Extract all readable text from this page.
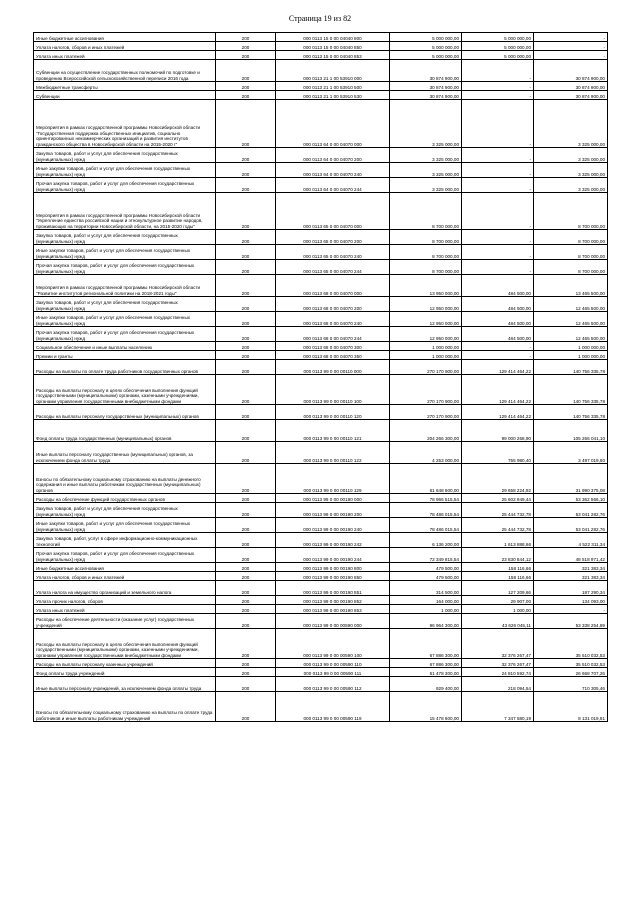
Страница 19 из 82
Иные бюджетные ассигнования	200	000 0113 15 0 00 04040 800	5 000 000,00	5 000 000,00	-
Уплата налогов, сборов и иных платежей	200	000 0113 15 0 00 04040 850	5 000 000,00	5 000 000,00	-
Уплата иных платежей	200	000 0113 15 0 00 04040 853	5 000 000,00	5 000 000,00	-
Субвенции на осуществление государственных полномочий по подготовке и проведению Всероссийской сельскохозяйственной переписи 2016 года	200	000 0113 21 1 00 53910 000	30 874 900,00	-	30 874 900,00
Межбюджетные трансферты	200	000 0113 21 1 00 53910 500	30 874 900,00	-	30 874 900,00
Субвенции	200	000 0113 21 1 00 53910 530	30 874 900,00	-	30 874 900,00
Мероприятия в рамках государственной программы Новосибирской области "Государственная поддержка общественных инициатив, социально ориентированных некоммерческих организаций и развития институтов гражданского общества в Новосибирской области на 2015-2020 г"	200	000 0113 64 0 00 04070 000	3 325 000,00	-	3 325 000,00
Закупка товаров, работ и услуг для обеспечения государственных (муниципальных) нужд	200	000 0113 64 0 00 04070 200	3 325 000,00	-	3 325 000,00
Иные закупки товаров, работ и услуг для обеспечения государственных (муниципальных) нужд	200	000 0113 64 0 00 04070 240	3 325 000,00	-	3 325 000,00
Прочая закупка товаров, работ и услуг для обеспечения государственных (муниципальных) нужд	200	000 0113 64 0 00 04070 244	3 325 000,00	-	3 325 000,00
Мероприятия в рамках государственной программы Новосибирской области "Укрепление единства российской нации и этнокультурное развитие народов, проживающих на территории Новосибирской области, на 2015-2020 годы"	200	000 0113 65 0 00 04070 000	8 700 000,00	-	8 700 000,00
Закупка товаров, работ и услуг для обеспечения государственных (муниципальных) нужд	200	000 0113 65 0 00 04070 200	8 700 000,00	-	8 700 000,00
Иные закупки товаров, работ и услуг для обеспечения государственных (муниципальных) нужд	200	000 0113 65 0 00 04070 240	8 700 000,00	-	8 700 000,00
Прочая закупка товаров, работ и услуг для обеспечения государственных (муниципальных) нужд	200	000 0113 65 0 00 04070 244	8 700 000,00	-	8 700 000,00
Мероприятия в рамках государственной программы Новосибирской области "Развитие институтов региональной политики на 2018-2021 годы"	200	000 0113 68 0 00 04070 000	13 950 000,00	484 500,00	13 465 500,00
Закупка товаров, работ и услуг для обеспечения государственных (муниципальных) нужд	200	000 0113 68 0 00 04070 200	12 950 000,00	484 500,00	12 465 500,00
Иные закупки товаров, работ и услуг для обеспечения государственных (муниципальных) нужд	200	000 0113 68 0 00 04070 240	12 950 000,00	484 500,00	12 465 500,00
Прочая закупка товаров, работ и услуг для обеспечения государственных (муниципальных) нужд	200	000 0113 68 0 00 04070 244	12 950 000,00	484 500,00	12 465 500,00
Социальное обеспечение и иные выплаты населению	200	000 0113 68 0 00 04070 300	1 000 000,00	-	1 000 000,00
Премии и гранты	200	000 0113 68 0 00 04070 350	1 000 000,00	-	1 000 000,00
Расходы на выплаты по оплате труда работников государственных органов	200	000 0113 99 0 00 00110 000	270 170 900,00	129 414 464,22	140 756 335,78
Расходы на выплаты персоналу в целях обеспечения выполнения функций государственными (муниципальными) органами, казенными учреждениями, органами управления государственными внебюджетными фондами	200	000 0113 99 0 00 00110 100	270 170 900,00	129 414 464,22	140 756 335,78
Расходы на выплаты персоналу государственных (муниципальных) органов	200	000 0113 99 0 00 00110 120	270 170 900,00	129 414 464,22	140 756 335,78
Фонд оплаты труда государственных (муниципальных) органов	200	000 0113 99 0 00 00110 121	204 266 300,00	99 000 268,90	105 266 041,10
Иные выплаты персоналу государственных (муниципальных) органов, за исключением фонда оплаты труда	200	000 0113 99 0 00 00110 122	4 253 000,00	755 980,40	3 497 019,60
Взносы по обязательному социальному страхованию на выплаты денежного содержания и иные выплаты работникам государственных (муниципальных) органов	200	000 0113 99 0 00 00110 129	61 648 600,00	29 658 224,92	31 990 375,08
Расходы на обеспечение функций государственных органов	200	000 0113 99 0 00 00190 000	78 966 515,54	25 602 949,44	53 362 566,10
Закупка товаров, работ и услуг для обеспечения государственных (муниципальных) нужд	200	000 0113 99 0 00 00190 200	78 486 015,54	25 444 732,78	53 041 282,76
Иные закупки товаров, работ и услуг для обеспечения государственных (муниципальных) нужд	200	000 0113 99 0 00 00190 240	78 486 015,54	25 444 732,78	53 041 282,76
Закупка товаров, работ, услуг в сфере информационно-коммуникационных технологий	200	000 0113 99 0 00 00190 242	6 136 200,00	1 613 888,66	4 522 311,34
Прочая закупка товаров, работ и услуг для обеспечения государственных (муниципальных) нужд	200	000 0113 99 0 00 00190 244	72 349 815,54	23 830 844,12	48 518 971,42
Иные бюджетные ассигнования	200	000 0113 99 0 00 00190 800	479 500,00	158 116,66	321 383,34
Уплата налогов, сборов и иных платежей	200	000 0113 99 0 00 00190 850	479 500,00	158 116,66	321 383,34
Уплата налога на имущество организаций и земельного налога	200	000 0113 99 0 00 00190 851	314 500,00	127 209,66	187 290,34
Уплата прочих налогов, сборов	200	000 0113 99 0 00 00190 852	164 000,00	29 907,00	134 093,00
Уплата иных платежей	200	000 0113 99 0 00 00190 853	1 000,00	1 000,00	-
Расходы на обеспечение деятельности (оказание услуг) государственных учреждений	200	000 0113 99 0 00 00590 000	96 964 300,00	43 626 045,11	53 338 254,89
Расходы на выплаты персоналу в целях обеспечения выполнения функций государственными (муниципальными) органами, казенными учреждениями, органами управления государственными внебюджетными фондами	200	000 0113 99 0 00 00590 100	67 886 300,00	32 376 267,47	35 510 032,53
Расходы на выплаты персоналу казенных учреждений	200	000 0113 99 0 00 00590 110	67 886 300,00	32 376 267,47	35 510 032,53
Фонд оплаты труда учреждений	200	000 0113 99 0 00 00590 111	51 478 300,00	24 810 592,74	26 668 707,26
Иные выплаты персоналу учреждений, за исключением фонда оплаты труда	200	000 0113 99 0 00 00590 112	929 400,00	218 094,54	710 305,46
Взносы по обязательному социальному страхованию на выплаты по оплате труда работников и иные выплаты работникам учреждений	200	000 0113 99 0 00 00590 119	15 478 600,00	7 347 580,19	8 131 019,81
